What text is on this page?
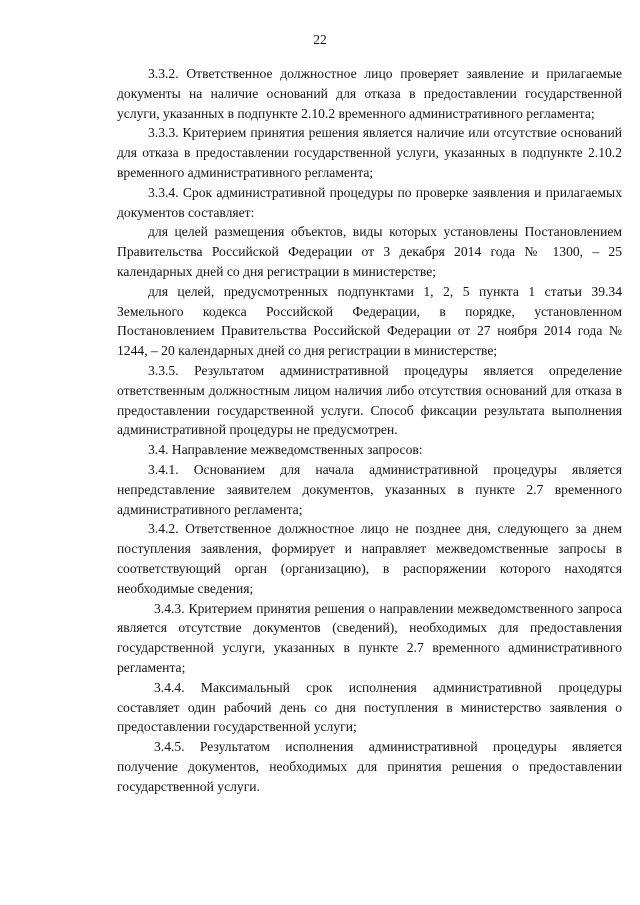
22

3.3.2. Ответственное должностное лицо проверяет заявление и прилагаемые документы на наличие оснований для отказа в предоставлении государственной услуги, указанных в подпункте 2.10.2 временного административного регламента;

3.3.3. Критерием принятия решения является наличие или отсутствие оснований для отказа в предоставлении государственной услуги, указанных в подпункте 2.10.2 временного административного регламента;

3.3.4. Срок административной процедуры по проверке заявления и прилагаемых документов составляет:

для целей размещения объектов, виды которых установлены Постановлением Правительства Российской Федерации от 3 декабря 2014 года № 1300, – 25 календарных дней со дня регистрации в министерстве;

для целей, предусмотренных подпунктами 1, 2, 5 пункта 1 статьи 39.34 Земельного кодекса Российской Федерации, в порядке, установленном Постановлением Правительства Российской Федерации от 27 ноября 2014 года № 1244, – 20 календарных дней со дня регистрации в министерстве;

3.3.5. Результатом административной процедуры является определение ответственным должностным лицом наличия либо отсутствия оснований для отказа в предоставлении государственной услуги. Способ фиксации результата выполнения административной процедуры не предусмотрен.

3.4. Направление межведомственных запросов:

3.4.1. Основанием для начала административной процедуры является непредставление заявителем документов, указанных в пункте 2.7 временного административного регламента;

3.4.2. Ответственное должностное лицо не позднее дня, следующего за днем поступления заявления, формирует и направляет межведомственные запросы в соответствующий орган (организацию), в распоряжении которого находятся необходимые сведения;

3.4.3. Критерием принятия решения о направлении межведомственного запроса является отсутствие документов (сведений), необходимых для предоставления государственной услуги, указанных в пункте 2.7 временного административного регламента;

3.4.4. Максимальный срок исполнения административной процедуры составляет один рабочий день со дня поступления в министерство заявления о предоставлении государственной услуги;

3.4.5. Результатом исполнения административной процедуры является получение документов, необходимых для принятия решения о предоставлении государственной услуги.
